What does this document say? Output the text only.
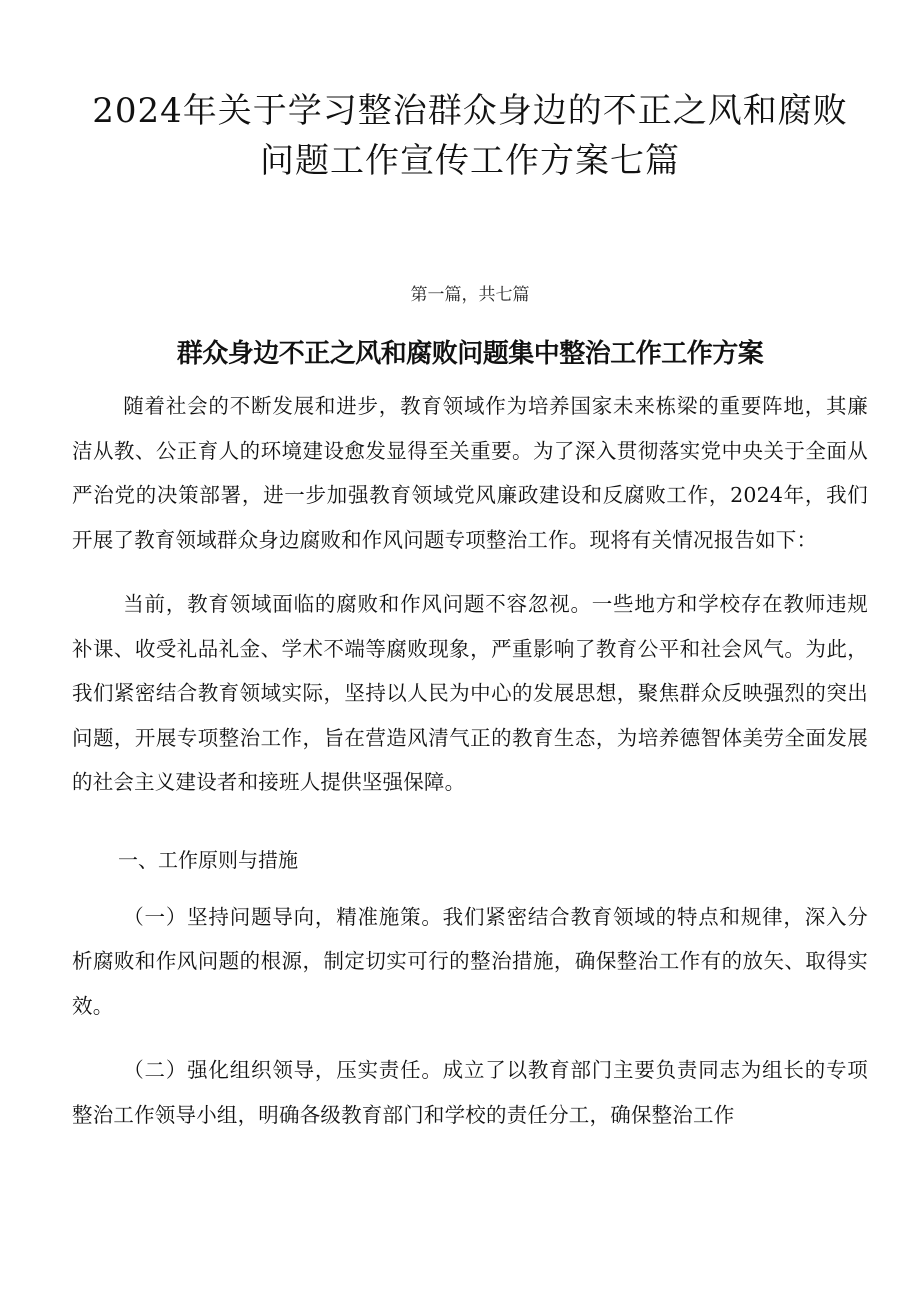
2024年关于学习整治群众身边的不正之风和腐败问题工作宣传工作方案七篇
第一篇，共七篇
群众身边不正之风和腐败问题集中整治工作工作方案

随着社会的不断发展和进步，教育领域作为培养国家未来栋梁的重要阵地，其廉洁从教、公正育人的环境建设愈发显得至关重要。为了深入贯彻落实党中央关于全面从严治党的决策部署，进一步加强教育领域党风廉政建设和反腐败工作，2024年，我们开展了教育领域群众身边腐败和作风问题专项整治工作。现将有关情况报告如下：

当前，教育领域面临的腐败和作风问题不容忽视。一些地方和学校存在教师违规补课、收受礼品礼金、学术不端等腐败现象，严重影响了教育公平和社会风气。为此，我们紧密结合教育领域实际，坚持以人民为中心的发展思想，聚焦群众反映强烈的突出问题，开展专项整治工作，旨在营造风清气正的教育生态，为培养德智体美劳全面发展的社会主义建设者和接班人提供坚强保障。

一、工作原则与措施

（一）坚持问题导向，精准施策。我们紧密结合教育领域的特点和规律，深入分析腐败和作风问题的根源，制定切实可行的整治措施，确保整治工作有的放矢、取得实效。

（二）强化组织领导，压实责任。成立了以教育部门主要负责同志为组长的专项整治工作领导小组，明确各级教育部门和学校的责任分工，确保整治工作
